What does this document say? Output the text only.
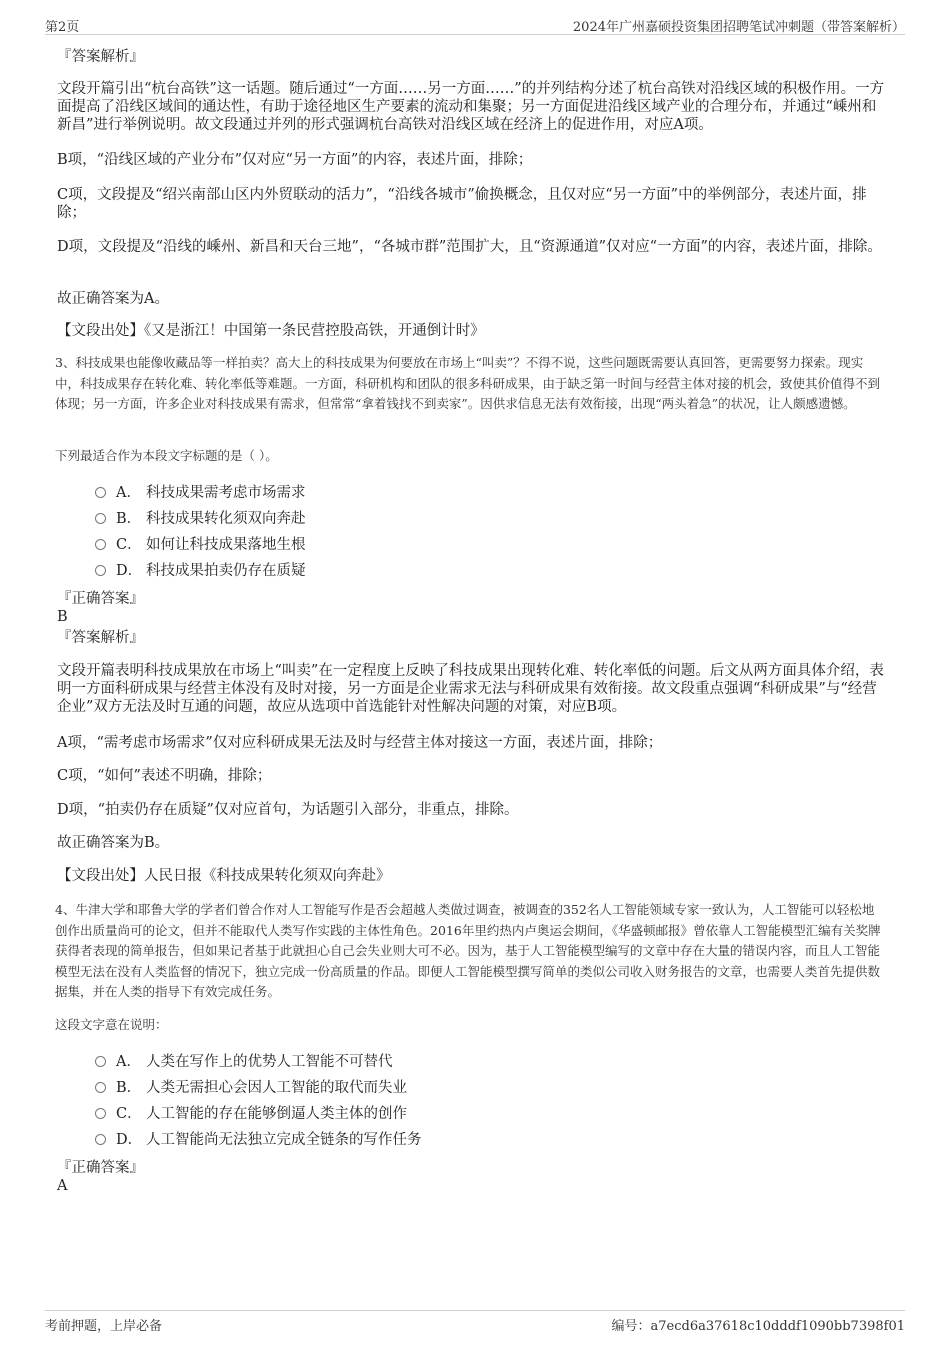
第2页	2024年广州嘉硕投资集团招聘笔试冲刺题（带答案解析）
『答案解析』
文段开篇引出“杭台高铁”这一话题。随后通过“一方面……另一方面……”的并列结构分述了杭台高铁对沿线区域的积极作用。一方面提高了沿线区域间的通达性，有助于途径地区生产要素的流动和集聚；另一方面促进沿线区域产业的合理分布，并通过“嵊州和新昌”进行举例说明。故文段通过并列的形式强调杭台高铁对沿线区域在经济上的促进作用，对应A项。
B项，“沿线区域的产业分布”仅对应“另一方面”的内容，表述片面，排除；
C项，文段提及“绍兴南部山区内外贸联动的活力”，“沿线各城市”偷换概念，且仅对应“另一方面”中的举例部分，表述片面，排除；
D项，文段提及“沿线的嵊州、新昌和天台三地”，“各城市群”范围扩大，且“资源通道”仅对应“一方面”的内容，表述片面，排除。
故正确答案为A。
【文段出处】《又是浙江！中国第一条民营控股高铁，开通倒计时》
3、科技成果也能像收藏品等一样拍卖？高大上的科技成果为何要放在市场上“叫卖”？不得不说，这些问题既需要认真回答，更需要努力探索。现实中，科技成果存在转化难、转化率低等难题。一方面，科研机构和团队的很多科研成果，由于缺乏第一时间与经营主体对接的机会，致使其价值得不到体现；另一方面，许多企业对科技成果有需求，但常常“拿着钱找不到卖家”。因供求信息无法有效衔接，出现“两头着急”的状况，让人颇感遗憾。
下列最适合作为本段文字标题的是（ ）。
A． 科技成果需考虑市场需求
B． 科技成果转化须双向奔赴
C． 如何让科技成果落地生根
D． 科技成果拍卖仍存在质疑
『正确答案』
B
『答案解析』
文段开篇表明科技成果放在市场上“叫卖”在一定程度上反映了科技成果出现转化难、转化率低的问题。后文从两方面具体介绍，表明一方面科研成果与经营主体没有及时对接，另一方面是企业需求无法与科研成果有效衔接。故文段重点强调“科研成果”与“经营企业”双方无法及时互通的问题，故应从选项中首选能针对性解决问题的对策，对应B项。
A项，“需考虑市场需求”仅对应科研成果无法及时与经营主体对接这一方面，表述片面，排除；
C项，“如何”表述不明确，排除；
D项，“拍卖仍存在质疑”仅对应首句，为话题引入部分，非重点，排除。
故正确答案为B。
【文段出处】人民日报《科技成果转化须双向奔赴》
4、牛津大学和耶鲁大学的学者们曾合作对人工智能写作是否会超越人类做过调查，被调查的352名人工智能领域专家一致认为，人工智能可以轻松地创作出质量尚可的论文，但并不能取代人类写作实践的主体性角色。2016年里约热内卢奥运会期间，《华盛顿邮报》曾依靠人工智能模型汇编有关奖牌获得者表现的简单报告，但如果记者基于此就担心自己会失业则大可不必。因为，基于人工智能模型编写的文章中存在大量的错误内容，而且人工智能模型无法在没有人类监督的情况下，独立完成一份高质量的作品。即便人工智能模型撰写简单的类似公司收入财务报告的文章，也需要人类首先提供数据集，并在人类的指导下有效完成任务。
这段文字意在说明：
A． 人类在写作上的优势人工智能不可替代
B． 人类无需担心会因人工智能的取代而失业
C． 人工智能的存在能够倒逼人类主体的创作
D． 人工智能尚无法独立完成全链条的写作任务
『正确答案』
A
考前押题，上岸必备	编号：a7ecd6a37618c10dddf1090bb7398f01
